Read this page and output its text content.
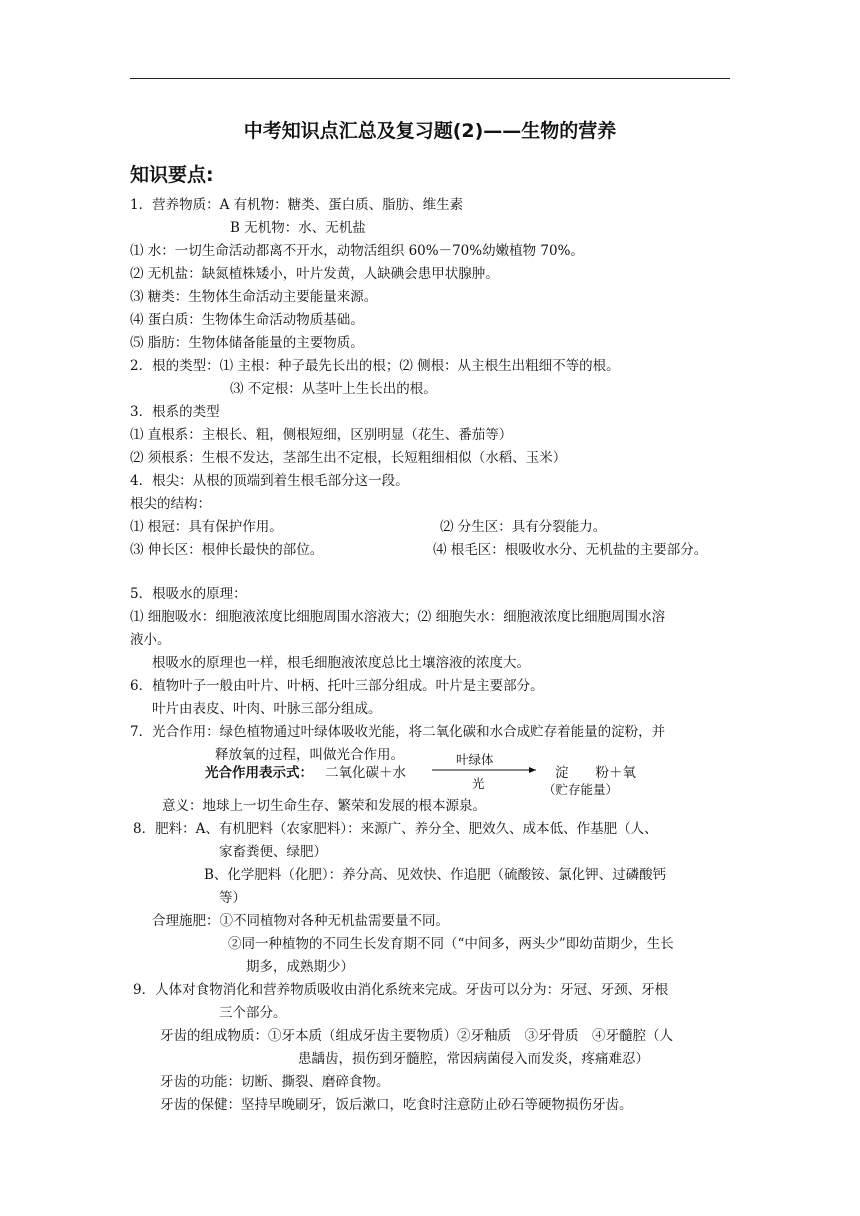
中考知识点汇总及复习题(2)——生物的营养
知识要点:
1．营养物质：A 有机物：糖类、蛋白质、脂肪、维生素
B 无机物：水、无机盐
⑴ 水：一切生命活动都离不开水，动物活组织 60%－70%幼嫩植物 70%。
⑵ 无机盐：缺氮植株矮小，叶片发黄，人缺碘会患甲状腺肿。
⑶ 糖类：生物体生命活动主要能量来源。
⑷ 蛋白质：生物体生命活动物质基础。
⑸ 脂肪：生物体储备能量的主要物质。
2．根的类型：⑴ 主根：种子最先长出的根；⑵ 侧根：从主根生出粗细不等的根。
⑶ 不定根：从茎叶上生长出的根。
3．根系的类型
⑴ 直根系：主根长、粗，侧根短细，区别明显（花生、番茄等）
⑵ 须根系：生根不发达，茎部生出不定根，长短粗细相似（水稻、玉米）
4．根尖：从根的顶端到着生根毛部分这一段。
根尖的结构：
⑴ 根冠：具有保护作用。	⑵ 分生区：具有分裂能力。
⑶ 伸长区：根伸长最快的部位。	⑷ 根毛区：根吸收水分、无机盐的主要部分。
5．根吸水的原理：
⑴ 细胞吸水：细胞液浓度比细胞周围水溶液大；⑵ 细胞失水：细胞液浓度比细胞周围水溶
液小。
根吸水的原理也一样，根毛细胞液浓度总比土壤溶液的浓度大。
6．植物叶子一般由叶片、叶柄、托叶三部分组成。叶片是主要部分。
叶片由表皮、叶肉、叶脉三部分组成。
7．光合作用：绿色植物通过叶绿体吸收光能，将二氧化碳和水合成贮存着能量的淀粉，并
释放氧的过程，叫做光合作用。
光合作用表示式： 二氧化碳＋水
叶绿体
光
淀　　粉＋氧
（贮存能量）
意义：地球上一切生命生存、繁荣和发展的根本源泉。
8．肥料：A、有机肥料（农家肥料）：来源广、养分全、肥效久、成本低、作基肥（人、
家畜粪便、绿肥）
B、化学肥料（化肥）：养分高、见效快、作追肥（硫酸铵、氯化钾、过磷酸钙
等）
合理施肥：①不同植物对各种无机盐需要量不同。
②同一种植物的不同生长发育期不同（“中间多，两头少”即幼苗期少，生长
期多，成熟期少）
9．人体对食物消化和营养物质吸收由消化系统来完成。牙齿可以分为：牙冠、牙颈、牙根
三个部分。
牙齿的组成物质：①牙本质（组成牙齿主要物质）②牙釉质　③牙骨质　④牙髓腔（人
患龋齿，损伤到牙髓腔，常因病菌侵入而发炎，疼痛难忍）
牙齿的功能：切断、撕裂、磨碎食物。
牙齿的保健：坚持早晚刷牙，饭后漱口，吃食时注意防止砂石等硬物损伤牙齿。
